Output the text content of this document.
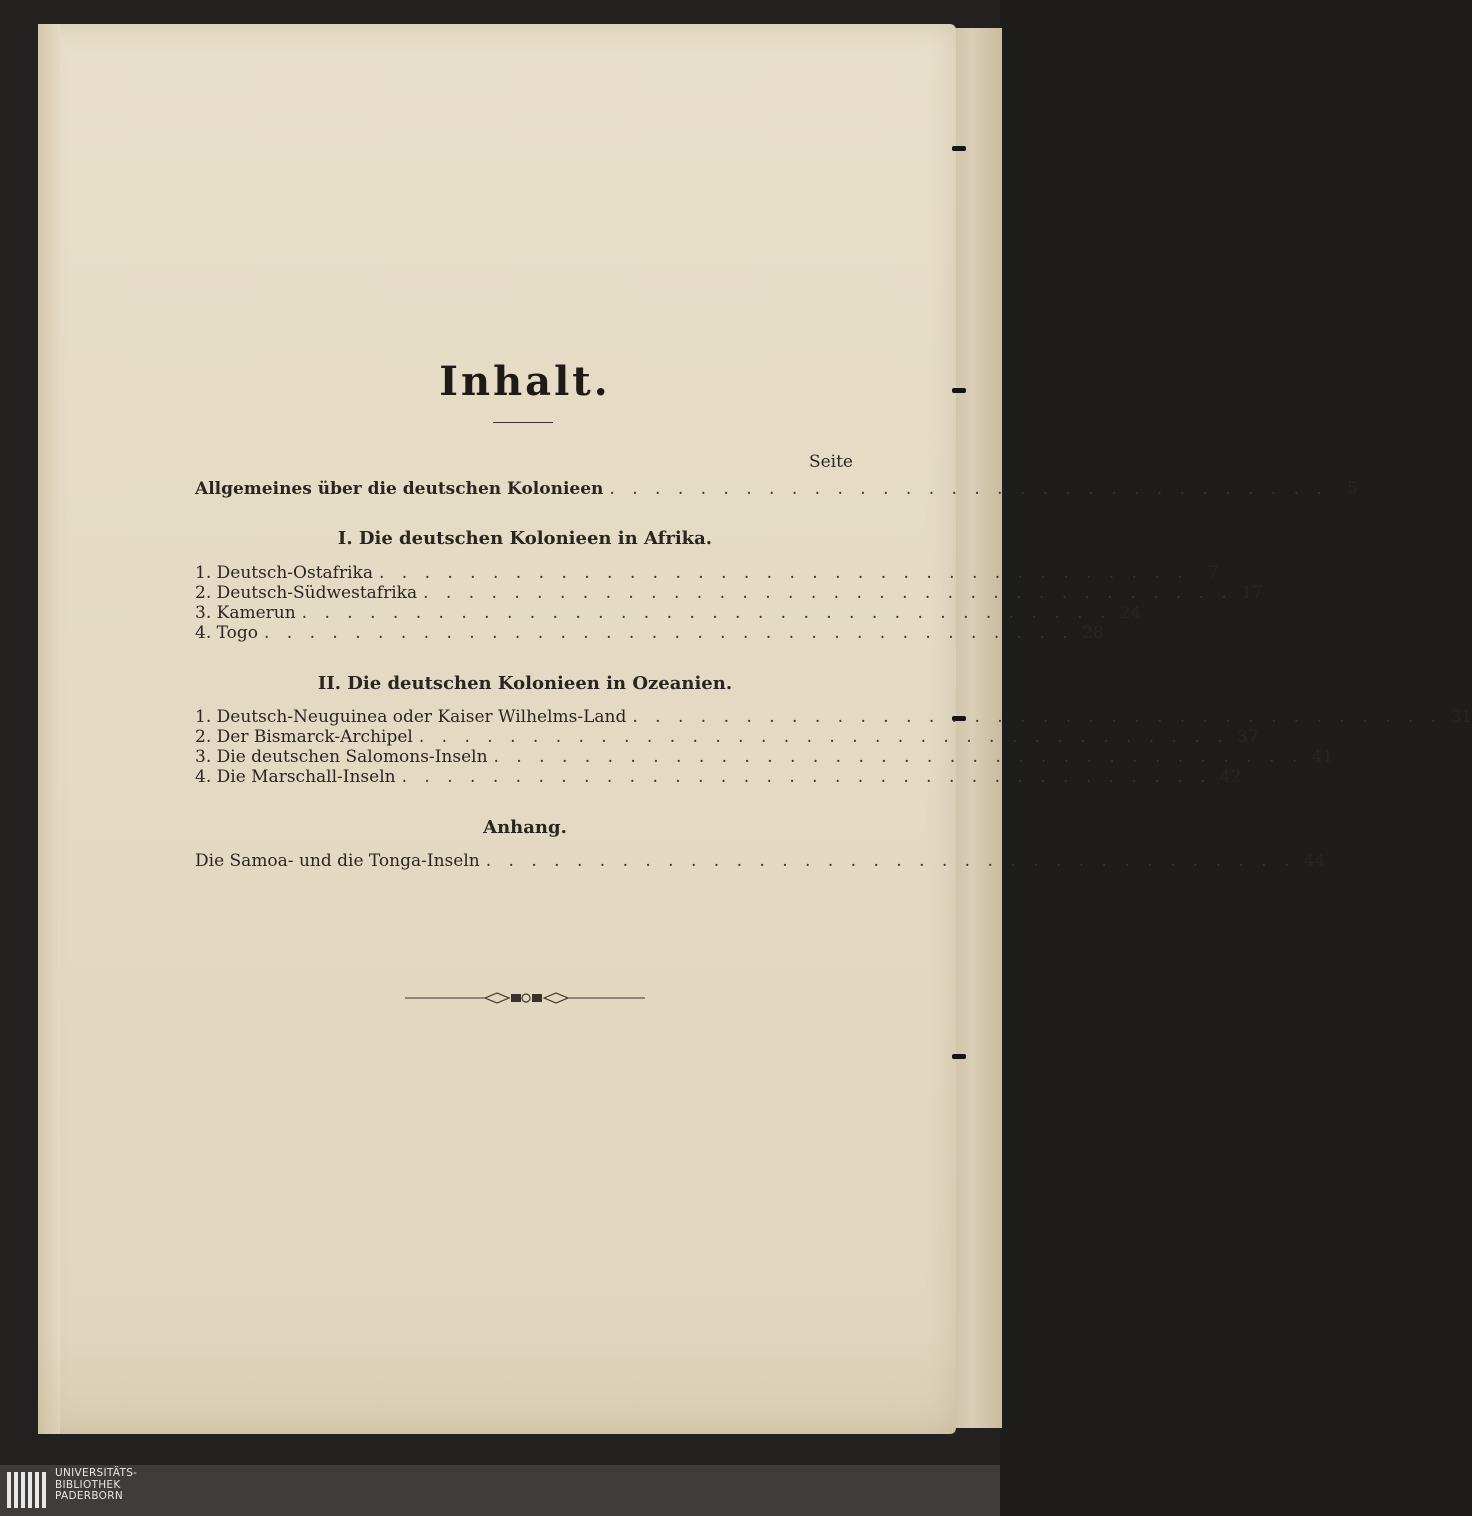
Inhalt.
Seite
Allgemeines über die deutschen Kolonieen . . . . . . . . . . . . . . . . . . . . . . . . . . . . . . . .	5
I. Die deutschen Kolonieen in Afrika.
1. Deutsch-Ostafrika . . . . . . . . . . . . . . . . . . . . . . . . . . . . . . . . . . . .	7
2. Deutsch-Südwestafrika . . . . . . . . . . . . . . . . . . . . . . . . . . . . . . . . . . . . 17
3. Kamerun . . . . . . . . . . . . . . . . . . . . . . . . . . . . . . . . . . . . 24
4. Togo . . . . . . . . . . . . . . . . . . . . . . . . . . . . . . . . . . . . 28
II. Die deutschen Kolonieen in Ozeanien.
1. Deutsch-Neuguinea oder Kaiser Wilhelms-Land . . . . . . . . . . . . . . . . . . . . . . . . . . . . . . . . . . . . 31
2. Der Bismarck-Archipel . . . . . . . . . . . . . . . . . . . . . . . . . . . . . . . . . . . . 37
3. Die deutschen Salomons-Inseln . . . . . . . . . . . . . . . . . . . . . . . . . . . . . . . . . . . . 41
4. Die Marschall-Inseln . . . . . . . . . . . . . . . . . . . . . . . . . . . . . . . . . . . . 42
Anhang.
Die Samoa- und die Tonga-Inseln . . . . . . . . . . . . . . . . . . . . . . . . . . . . . . . . . . . . 44
UNIVERSITÄTS-
BIBLIOTHEK
PADERBORN
